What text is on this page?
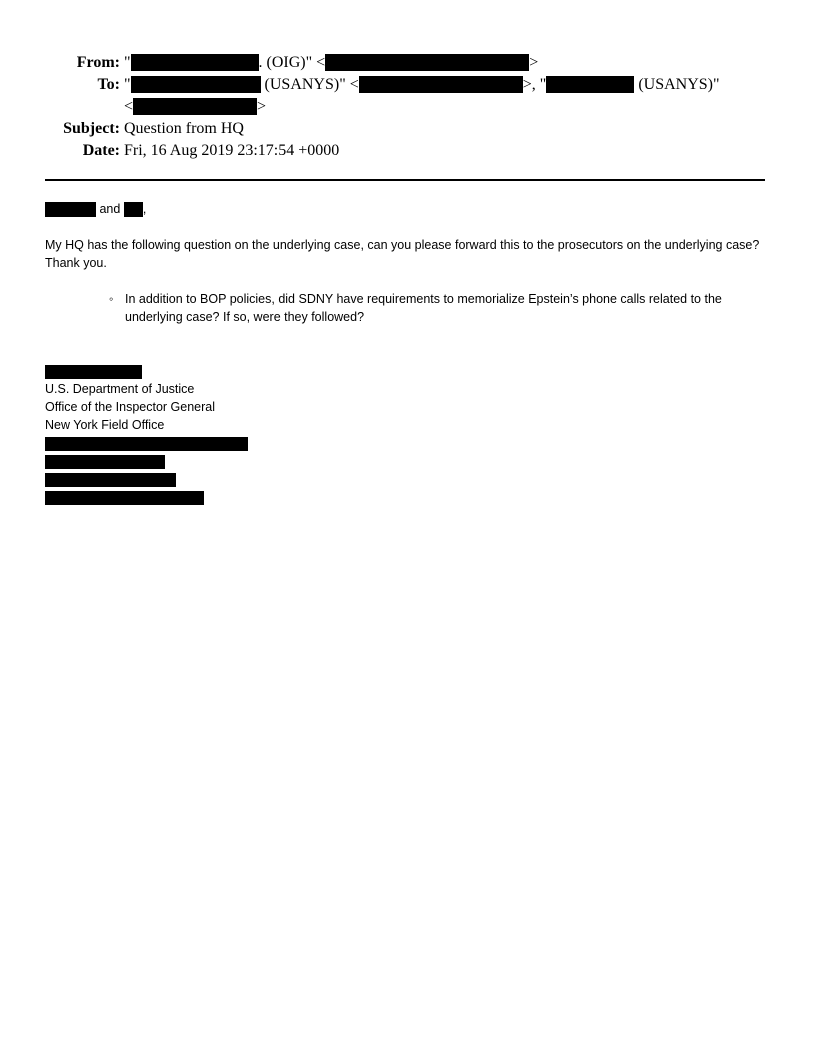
From: "	. (OIG)" <	>
To: "	(USANYS)" <	>, "	(USANYS)"
<	>
Subject: Question from HQ
Date: Fri, 16 Aug 2019 23:17:54 +0000
and ,
My HQ has the following question on the underlying case, can you please forward this to the prosecutors on the underlying case? Thank you.
◦ In addition to BOP policies, did SDNY have requirements to memorialize Epstein’s phone calls related to the underlying case? If so, were they followed?
U.S. Department of Justice
Office of the Inspector General
New York Field Office
